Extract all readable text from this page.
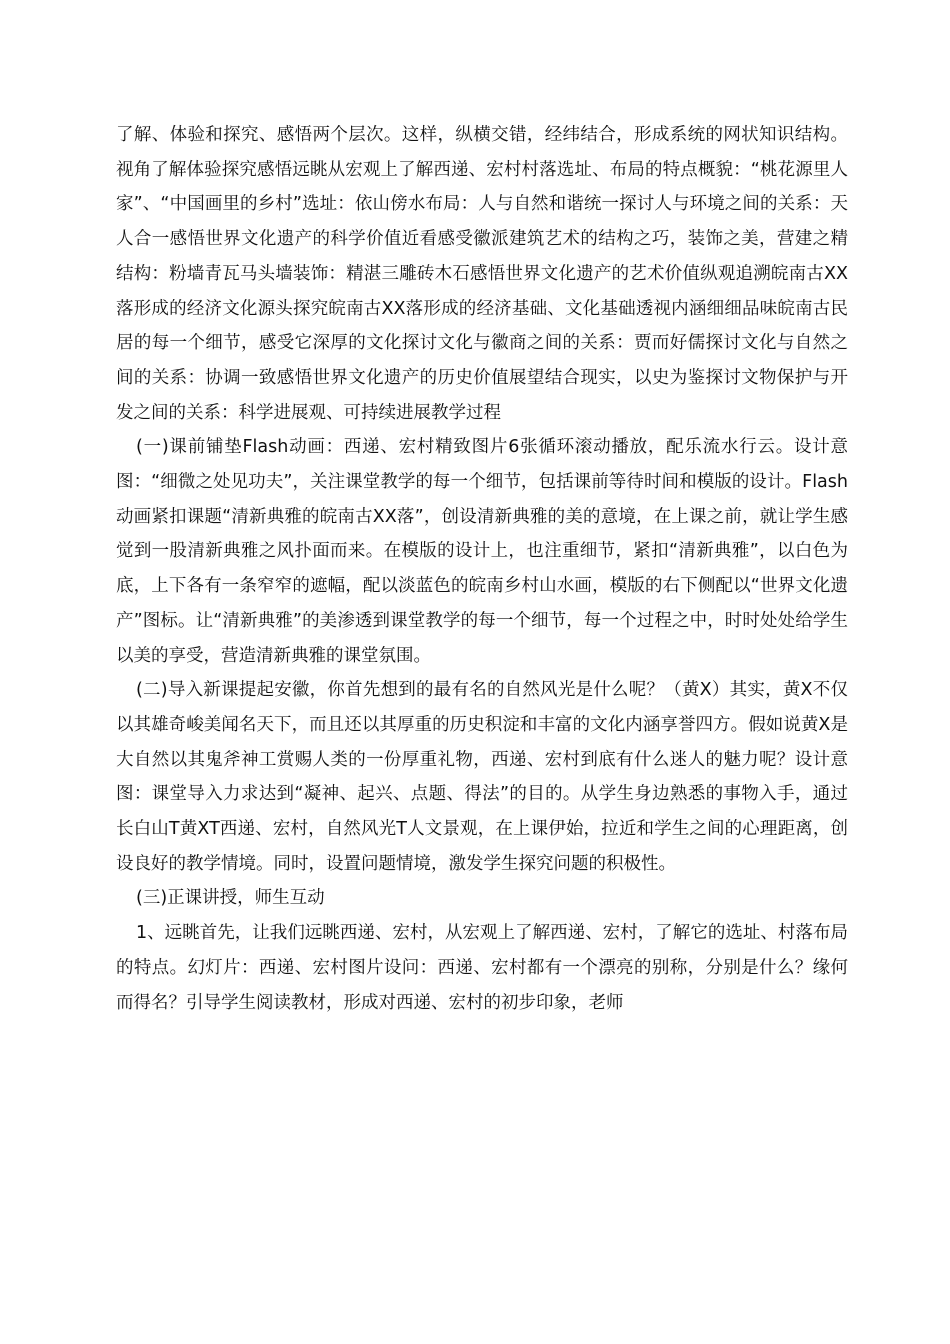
了解、体验和探究、感悟两个层次。这样，纵横交错，经纬结合，形成系统的网状知识结构。视角了解体验探究感悟远眺从宏观上了解西递、宏村村落选址、布局的特点概貌：“桃花源里人家”、“中国画里的乡村”选址：依山傍水布局：人与自然和谐统一探讨人与环境之间的关系：天人合一感悟世界文化遗产的科学价值近看感受徽派建筑艺术的结构之巧，装饰之美，营建之精结构：粉墙青瓦马头墙装饰：精湛三雕砖木石感悟世界文化遗产的艺术价值纵观追溯皖南古XX落形成的经济文化源头探究皖南古XX落形成的经济基础、文化基础透视内涵细细品味皖南古民居的每一个细节，感受它深厚的文化探讨文化与徽商之间的关系：贾而好儒探讨文化与自然之间的关系：协调一致感悟世界文化遗产的历史价值展望结合现实，以史为鉴探讨文物保护与开发之间的关系：科学进展观、可持续进展教学过程

(一)课前铺垫Flash动画：西递、宏村精致图片6张循环滚动播放，配乐流水行云。设计意图：“细微之处见功夫”，关注课堂教学的每一个细节，包括课前等待时间和模版的设计。Flash动画紧扣课题“清新典雅的皖南古XX落”，创设清新典雅的美的意境，在上课之前，就让学生感觉到一股清新典雅之风扑面而来。在模版的设计上，也注重细节，紧扣“清新典雅”，以白色为底，上下各有一条窄窄的遮幅，配以淡蓝色的皖南乡村山水画，模版的右下侧配以“世界文化遗产”图标。让“清新典雅”的美渗透到课堂教学的每一个细节，每一个过程之中，时时处处给学生以美的享受，营造清新典雅的课堂氛围。

(二)导入新课提起安徽，你首先想到的最有名的自然风光是什么呢？（黄X）其实，黄X不仅以其雄奇峻美闻名天下，而且还以其厚重的历史积淀和丰富的文化内涵享誉四方。假如说黄X是大自然以其鬼斧神工赏赐人类的一份厚重礼物，西递、宏村到底有什么迷人的魅力呢？设计意图：课堂导入力求达到“凝神、起兴、点题、得法”的目的。从学生身边熟悉的事物入手，通过长白山T黄XT西递、宏村，自然风光T人文景观，在上课伊始，拉近和学生之间的心理距离，创设良好的教学情境。同时，设置问题情境，激发学生探究问题的积极性。

(三)正课讲授，师生互动

1、远眺首先，让我们远眺西递、宏村，从宏观上了解西递、宏村，了解它的选址、村落布局的特点。幻灯片：西递、宏村图片设问：西递、宏村都有一个漂亮的别称，分别是什么？缘何而得名？引导学生阅读教材，形成对西递、宏村的初步印象，老师
